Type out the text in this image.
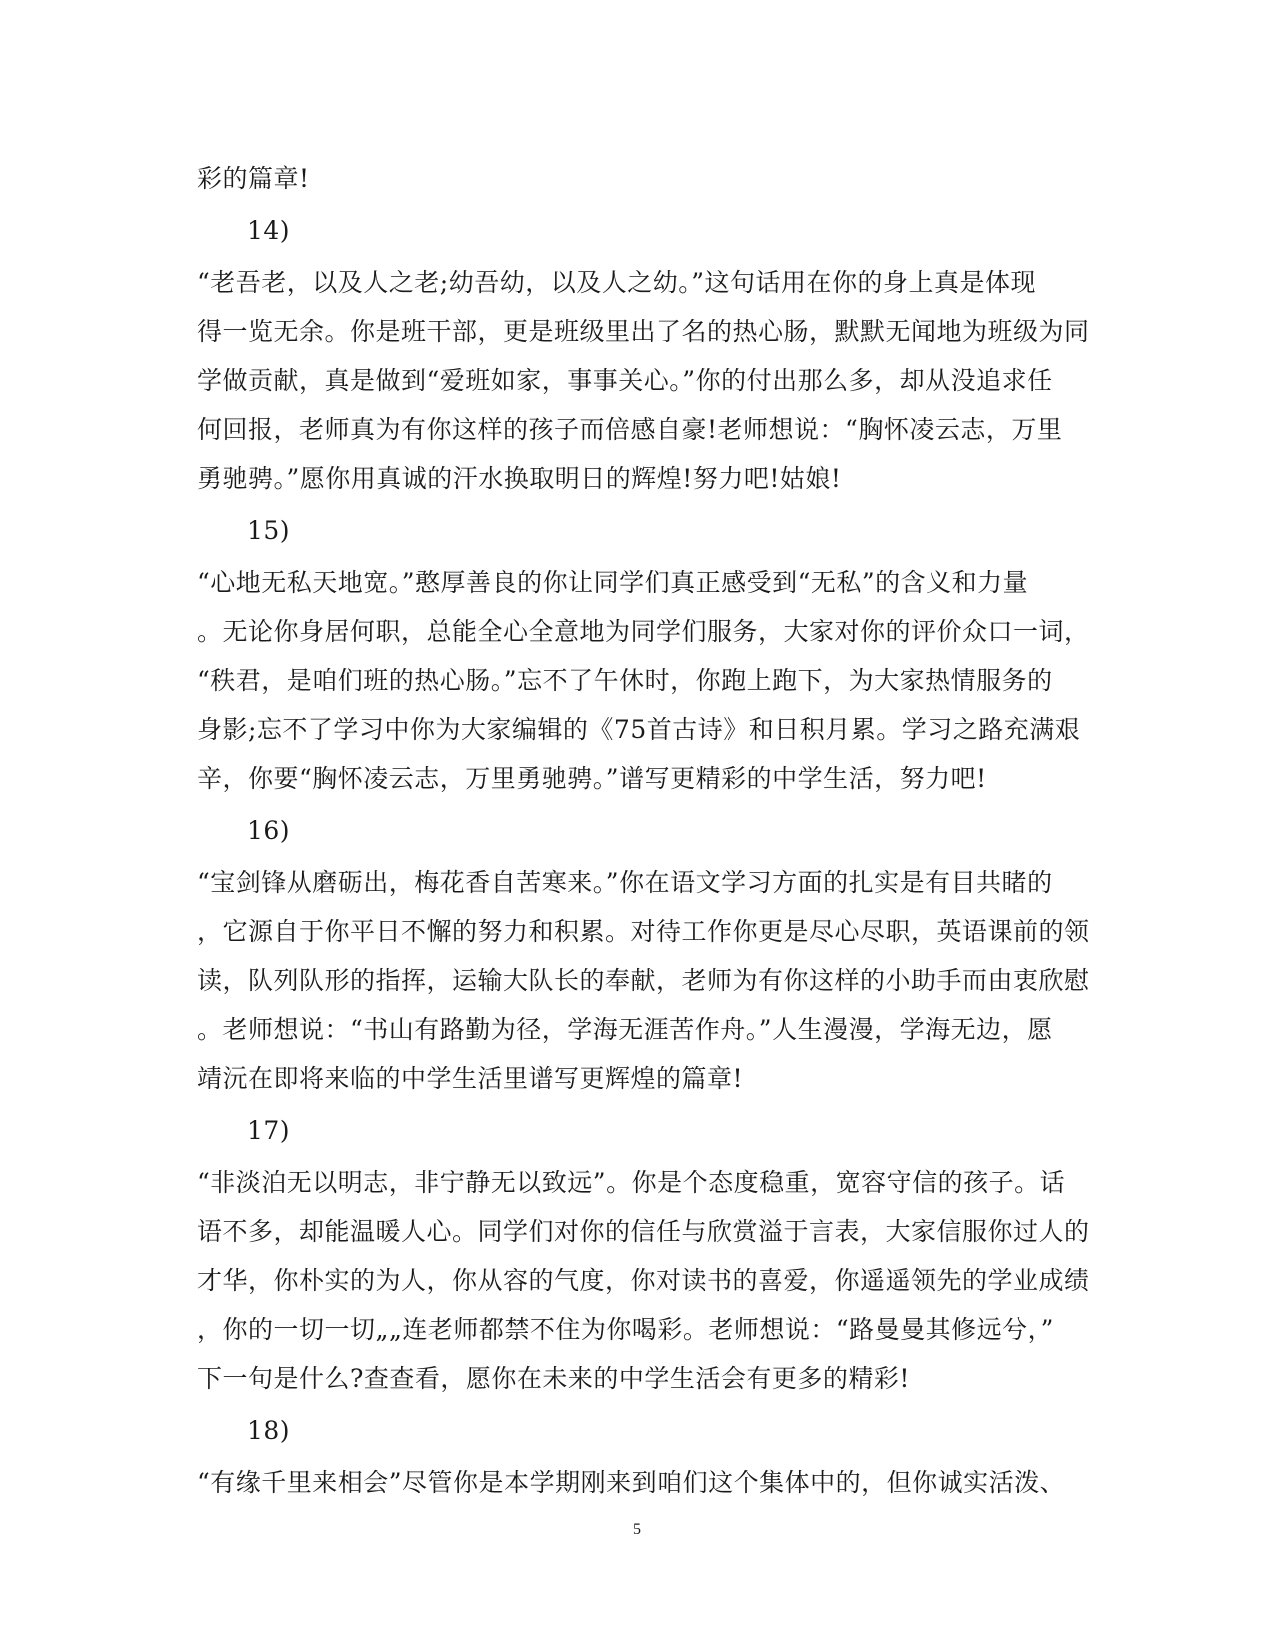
彩的篇章!
14)
“老吾老，以及人之老;幼吾幼，以及人之幼。”这句话用在你的身上真是体现
得一览无余。你是班干部，更是班级里出了名的热心肠，默默无闻地为班级为同
学做贡献，真是做到“爱班如家，事事关心。”你的付出那么多，却从没追求任
何回报，老师真为有你这样的孩子而倍感自豪!老师想说：“胸怀凌云志，万里
勇驰骋。”愿你用真诚的汗水换取明日的辉煌!努力吧!姑娘!
15)
“心地无私天地宽。”憨厚善良的你让同学们真正感受到“无私”的含义和力量
。无论你身居何职，总能全心全意地为同学们服务，大家对你的评价众口一词，
“秩君，是咱们班的热心肠。”忘不了午休时，你跑上跑下，为大家热情服务的
身影;忘不了学习中你为大家编辑的《75首古诗》和日积月累。学习之路充满艰
辛，你要“胸怀凌云志，万里勇驰骋。”谱写更精彩的中学生活，努力吧!
16)
“宝剑锋从磨砺出，梅花香自苦寒来。”你在语文学习方面的扎实是有目共睹的
，它源自于你平日不懈的努力和积累。对待工作你更是尽心尽职，英语课前的领
读，队列队形的指挥，运输大队长的奉献，老师为有你这样的小助手而由衷欣慰
。老师想说：“书山有路勤为径，学海无涯苦作舟。”人生漫漫，学海无边，愿
靖沅在即将来临的中学生活里谱写更辉煌的篇章!
17)
“非淡泊无以明志，非宁静无以致远”。你是个态度稳重，宽容守信的孩子。话
语不多，却能温暖人心。同学们对你的信任与欣赏溢于言表，大家信服你过人的
才华，你朴实的为人，你从容的气度，你对读书的喜爱，你遥遥领先的学业成绩
，你的一切一切„„连老师都禁不住为你喝彩。老师想说：“路曼曼其修远兮，”
下一句是什么?查查看，愿你在未来的中学生活会有更多的精彩!
18)
“有缘千里来相会”尽管你是本学期刚来到咱们这个集体中的，但你诚实活泼、
5
